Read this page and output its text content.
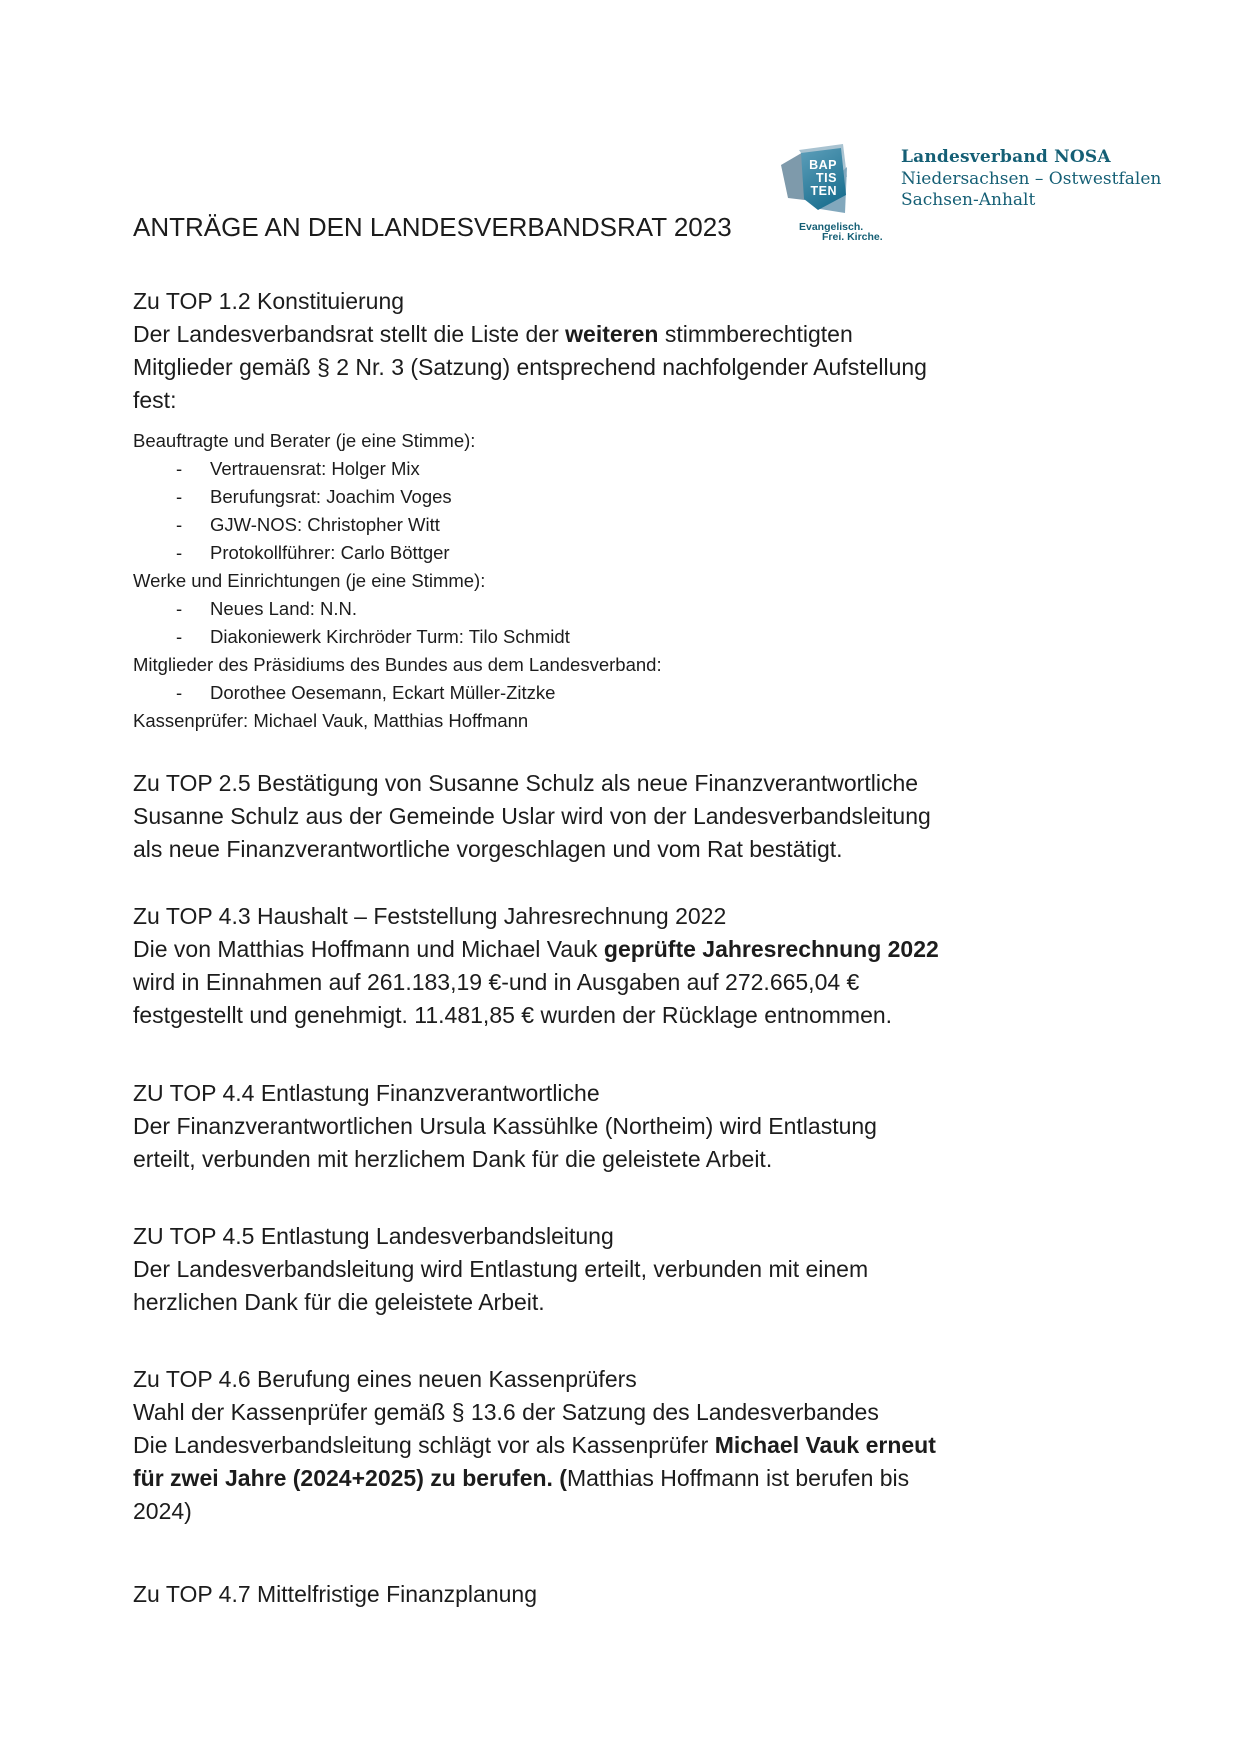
BAP
TIS
TEN
Evangelisch.
Frei. Kirche.
Landesverband NOSA
Niedersachsen – Ostwestfalen
Sachsen-Anhalt
ANTRÄGE AN DEN LANDESVERBANDSRAT 2023
Zu TOP 1.2 Konstituierung
Der Landesverbandsrat stellt die Liste der weiteren stimmberechtigten
Mitglieder gemäß § 2 Nr. 3 (Satzung) entsprechend nachfolgender Aufstellung
fest:
Beauftragte und Berater (je eine Stimme):
- Vertrauensrat: Holger Mix
- Berufungsrat: Joachim Voges
- GJW-NOS: Christopher Witt
- Protokollführer: Carlo Böttger
Werke und Einrichtungen (je eine Stimme):
- Neues Land: N.N.
- Diakoniewerk Kirchröder Turm: Tilo Schmidt
Mitglieder des Präsidiums des Bundes aus dem Landesverband:
- Dorothee Oesemann, Eckart Müller-Zitzke
Kassenprüfer: Michael Vauk, Matthias Hoffmann
Zu TOP 2.5 Bestätigung von Susanne Schulz als neue Finanzverantwortliche
Susanne Schulz aus der Gemeinde Uslar wird von der Landesverbandsleitung
als neue Finanzverantwortliche vorgeschlagen und vom Rat bestätigt.
Zu TOP 4.3 Haushalt – Feststellung Jahresrechnung 2022
Die von Matthias Hoffmann und Michael Vauk geprüfte Jahresrechnung 2022
wird in Einnahmen auf 261.183,19 €-und in Ausgaben auf 272.665,04 €
festgestellt und genehmigt. 11.481,85 € wurden der Rücklage entnommen.
ZU TOP 4.4 Entlastung Finanzverantwortliche
Der Finanzverantwortlichen Ursula Kassühlke (Northeim) wird Entlastung
erteilt, verbunden mit herzlichem Dank für die geleistete Arbeit.
ZU TOP 4.5 Entlastung Landesverbandsleitung
Der Landesverbandsleitung wird Entlastung erteilt, verbunden mit einem
herzlichen Dank für die geleistete Arbeit.
Zu TOP 4.6 Berufung eines neuen Kassenprüfers
Wahl der Kassenprüfer gemäß § 13.6 der Satzung des Landesverbandes
Die Landesverbandsleitung schlägt vor als Kassenprüfer Michael Vauk erneut
für zwei Jahre (2024+2025) zu berufen. (Matthias Hoffmann ist berufen bis
2024)
Zu TOP 4.7 Mittelfristige Finanzplanung
